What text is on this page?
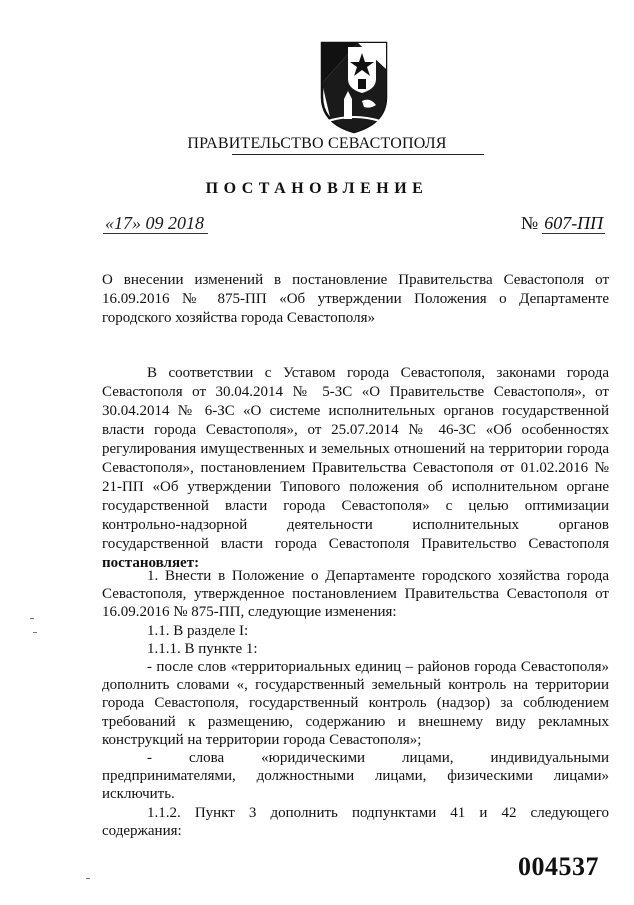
ПРАВИТЕЛЬСТВО СЕВАСТОПОЛЯ
ПОСТАНОВЛЕНИЕ
«17» 09 2018	№ 607-ПП
О внесении изменений в постановление Правительства Севастополя от 16.09.2016 № 875-ПП «Об утверждении Положения о Департаменте городского хозяйства города Севастополя»
В соответствии с Уставом города Севастополя, законами города Севастополя от 30.04.2014 № 5-ЗС «О Правительстве Севастополя», от 30.04.2014 № 6-ЗС «О системе исполнительных органов государственной власти города Севастополя», от 25.07.2014 № 46-ЗС «Об особенностях регулирования имущественных и земельных отношений на территории города Севастополя», постановлением Правительства Севастополя от 01.02.2016 № 21-ПП «Об утверждении Типового положения об исполнительном органе государственной власти города Севастополя» с целью оптимизации контрольно-надзорной деятельности исполнительных органов государственной власти города Севастополя Правительство Севастополя постановляет:

1. Внести в Положение о Департаменте городского хозяйства города Севастополя, утвержденное постановлением Правительства Севастополя от 16.09.2016 № 875-ПП, следующие изменения:

1.1. В разделе I:

1.1.1. В пункте 1:

- после слов «территориальных единиц – районов города Севастополя» дополнить словами «, государственный земельный контроль на территории города Севастополя, государственный контроль (надзор) за соблюдением требований к размещению, содержанию и внешнему виду рекламных конструкций на территории города Севастополя»;

- слова «юридическими лицами, индивидуальными предпринимателями, должностными лицами, физическими лицами» исключить.

1.1.2. Пункт 3 дополнить подпунктами 41 и 42 следующего содержания:

004537
